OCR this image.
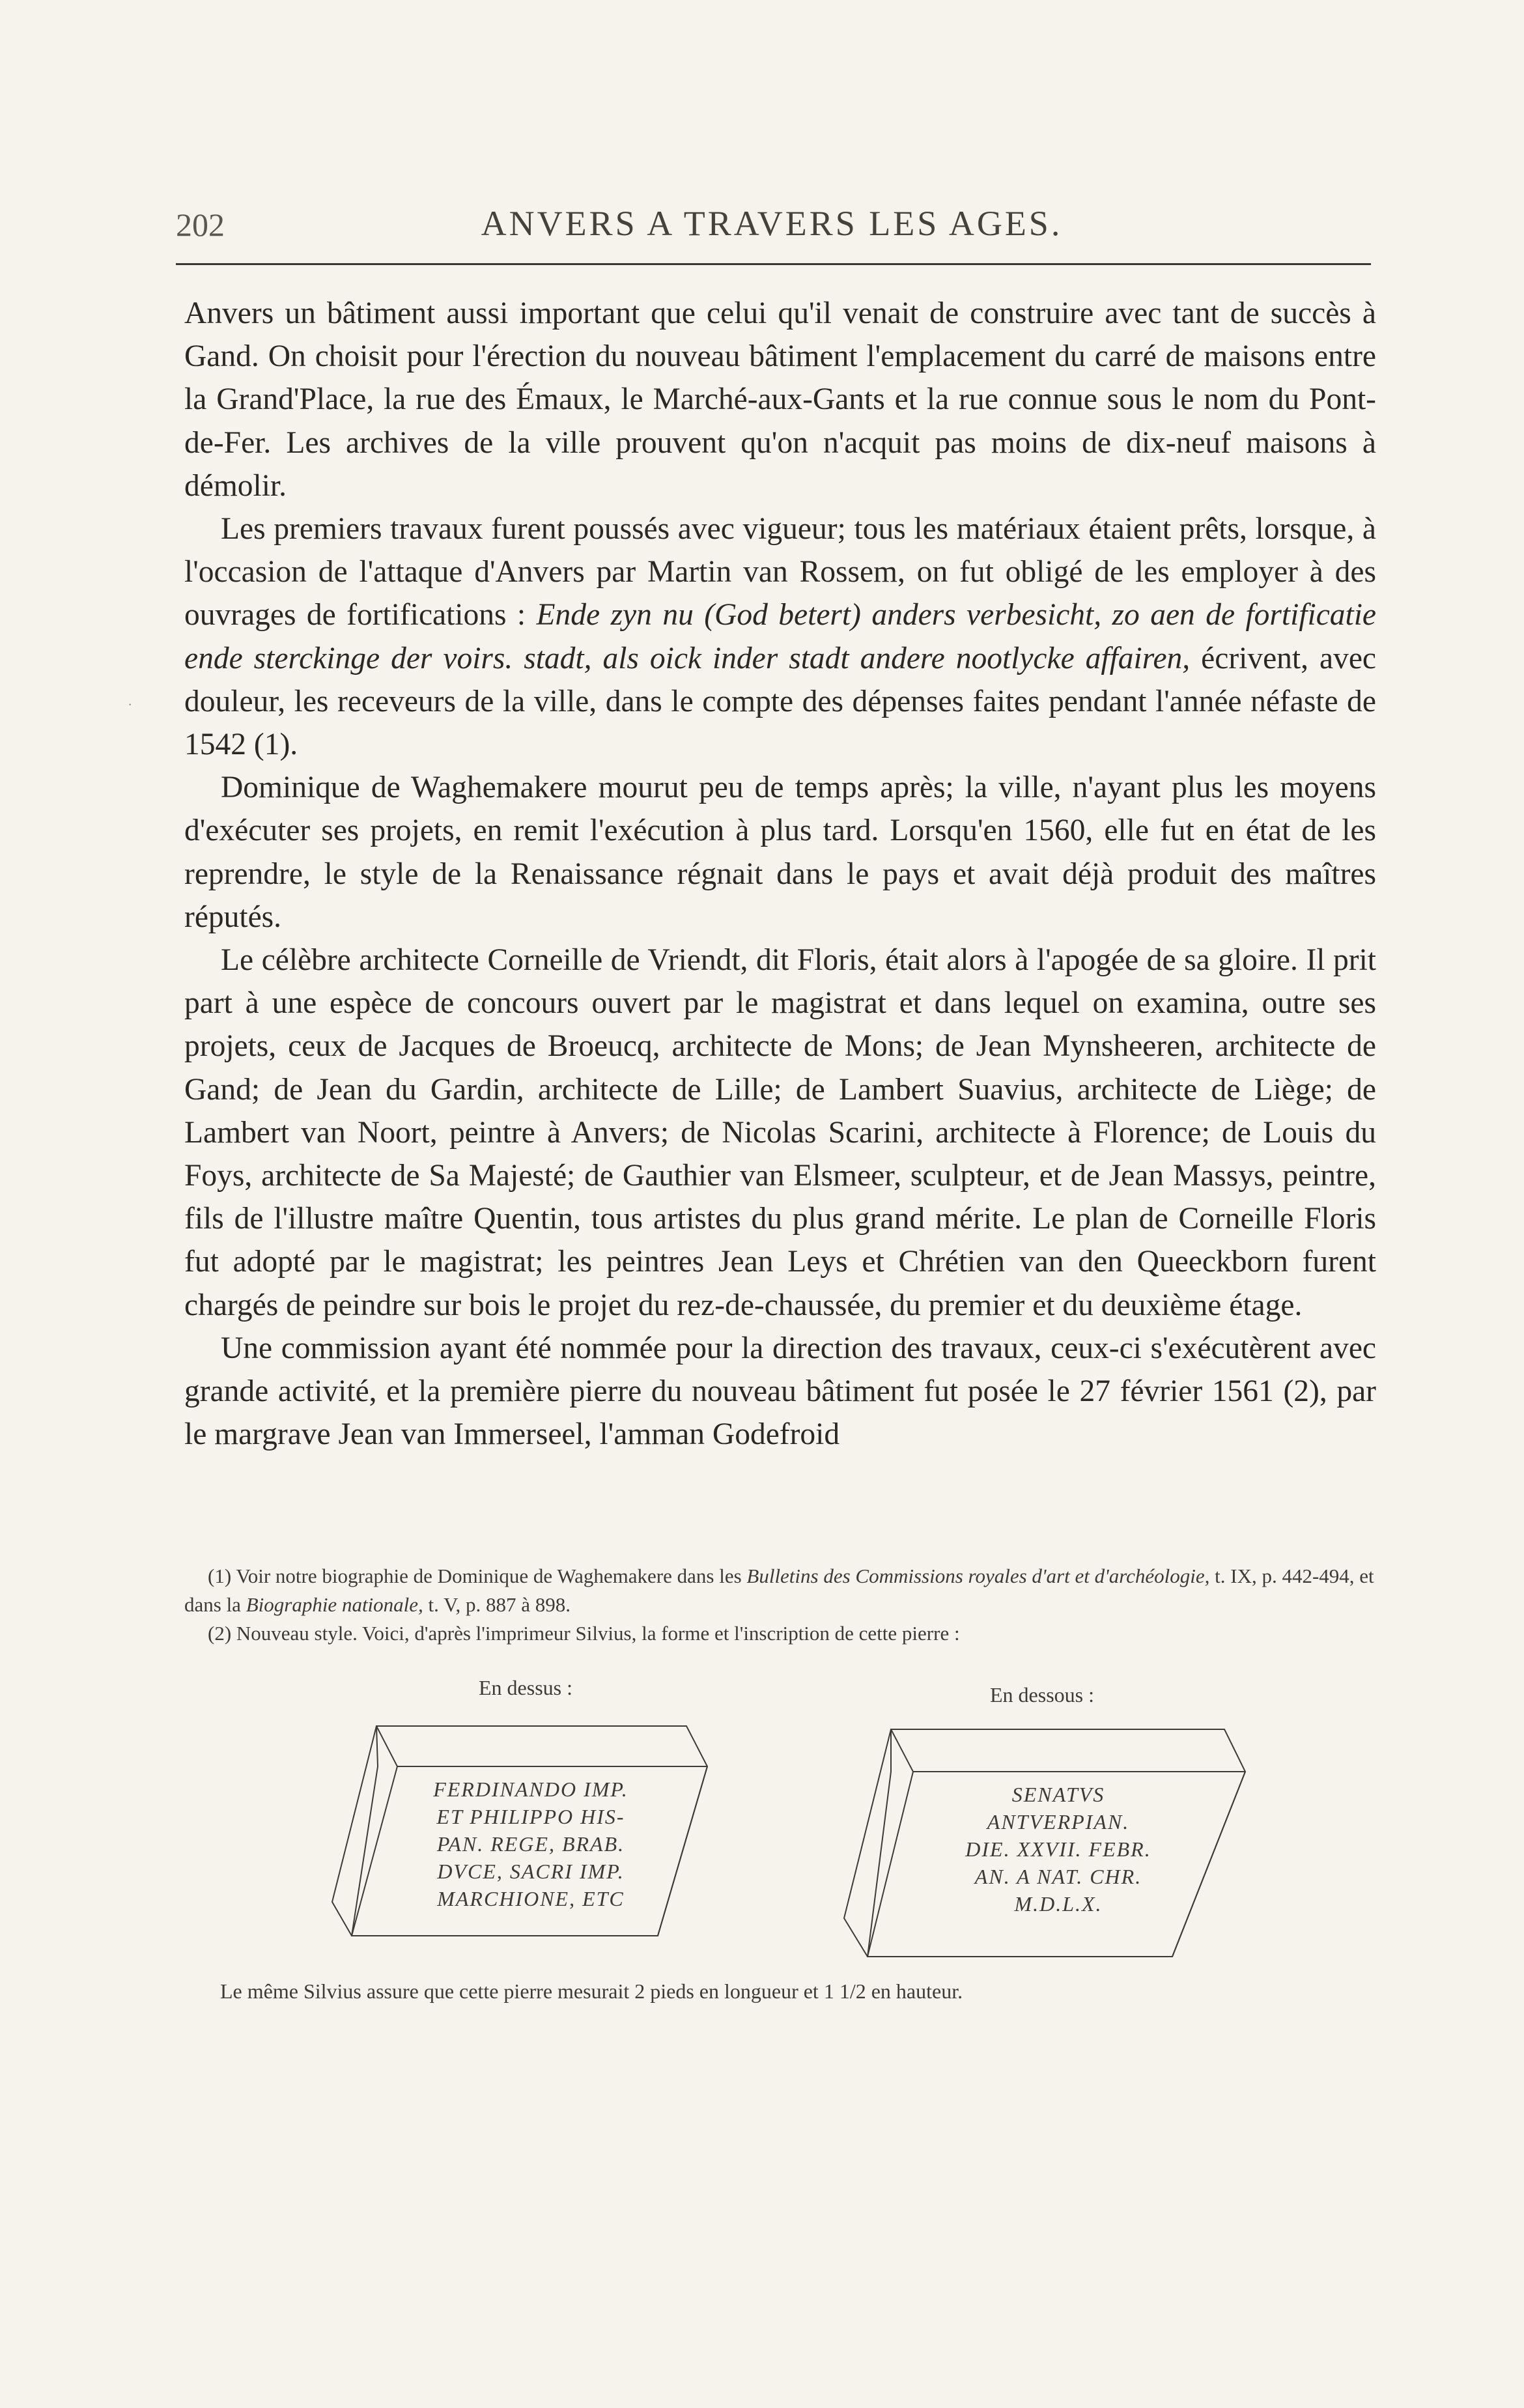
202	ANVERS A TRAVERS LES AGES.
·

Anvers un bâtiment aussi important que celui qu'il venait de construire avec tant de succès à Gand. On choisit pour l'érection du nouveau bâtiment l'emplacement du carré de maisons entre la Grand'Place, la rue des Émaux, le Marché-aux-Gants et la rue connue sous le nom du Pont-de-Fer. Les archives de la ville prouvent qu'on n'acquit pas moins de dix-neuf maisons à démolir.

Les premiers travaux furent poussés avec vigueur; tous les matériaux étaient prêts, lorsque, à l'occasion de l'attaque d'Anvers par Martin van Rossem, on fut obligé de les employer à des ouvrages de fortifications : Ende zyn nu (God betert) anders verbesicht, zo aen de fortificatie ende sterckinge der voirs. stadt, als oick inder stadt andere nootlycke affairen, écrivent, avec douleur, les receveurs de la ville, dans le compte des dépenses faites pendant l'année néfaste de 1542 (1).

Dominique de Waghemakere mourut peu de temps après; la ville, n'ayant plus les moyens d'exécuter ses projets, en remit l'exécution à plus tard. Lorsqu'en 1560, elle fut en état de les reprendre, le style de la Renaissance régnait dans le pays et avait déjà produit des maîtres réputés.

Le célèbre architecte Corneille de Vriendt, dit Floris, était alors à l'apogée de sa gloire. Il prit part à une espèce de concours ouvert par le magistrat et dans lequel on examina, outre ses projets, ceux de Jacques de Broeucq, architecte de Mons; de Jean Mynsheeren, architecte de Gand; de Jean du Gardin, architecte de Lille; de Lambert Suavius, architecte de Liège; de Lambert van Noort, peintre à Anvers; de Nicolas Scarini, architecte à Florence; de Louis du Foys, architecte de Sa Majesté; de Gauthier van Elsmeer, sculpteur, et de Jean Massys, peintre, fils de l'illustre maître Quentin, tous artistes du plus grand mérite. Le plan de Corneille Floris fut adopté par le magistrat; les peintres Jean Leys et Chrétien van den Queeckborn furent chargés de peindre sur bois le projet du rez-de-chaussée, du premier et du deuxième étage.

Une commission ayant été nommée pour la direction des travaux, ceux-ci s'exécutèrent avec grande activité, et la première pierre du nouveau bâtiment fut posée le 27 février 1561 (2), par le margrave Jean van Immerseel, l'amman Godefroid

(1) Voir notre biographie de Dominique de Waghemakere dans les Bulletins des Commissions royales d'art et d'archéologie, t. IX, p. 442-494, et dans la Biographie nationale, t. V, p. 887 à 898.

(2) Nouveau style. Voici, d'après l'imprimeur Silvius, la forme et l'inscription de cette pierre :

En dessus :	En dessous :
FERDINANDO IMP.
ET PHILIPPO HIS-
PAN. REGE, BRAB.
DVCE, SACRI IMP.
MARCHIONE, ETC
SENATVS
ANTVERPIAN.
DIE. XXVII. FEBR.
AN. A NAT. CHR.
M.D.L.X.
Le même Silvius assure que cette pierre mesurait 2 pieds en longueur et 1 1/2 en hauteur.
